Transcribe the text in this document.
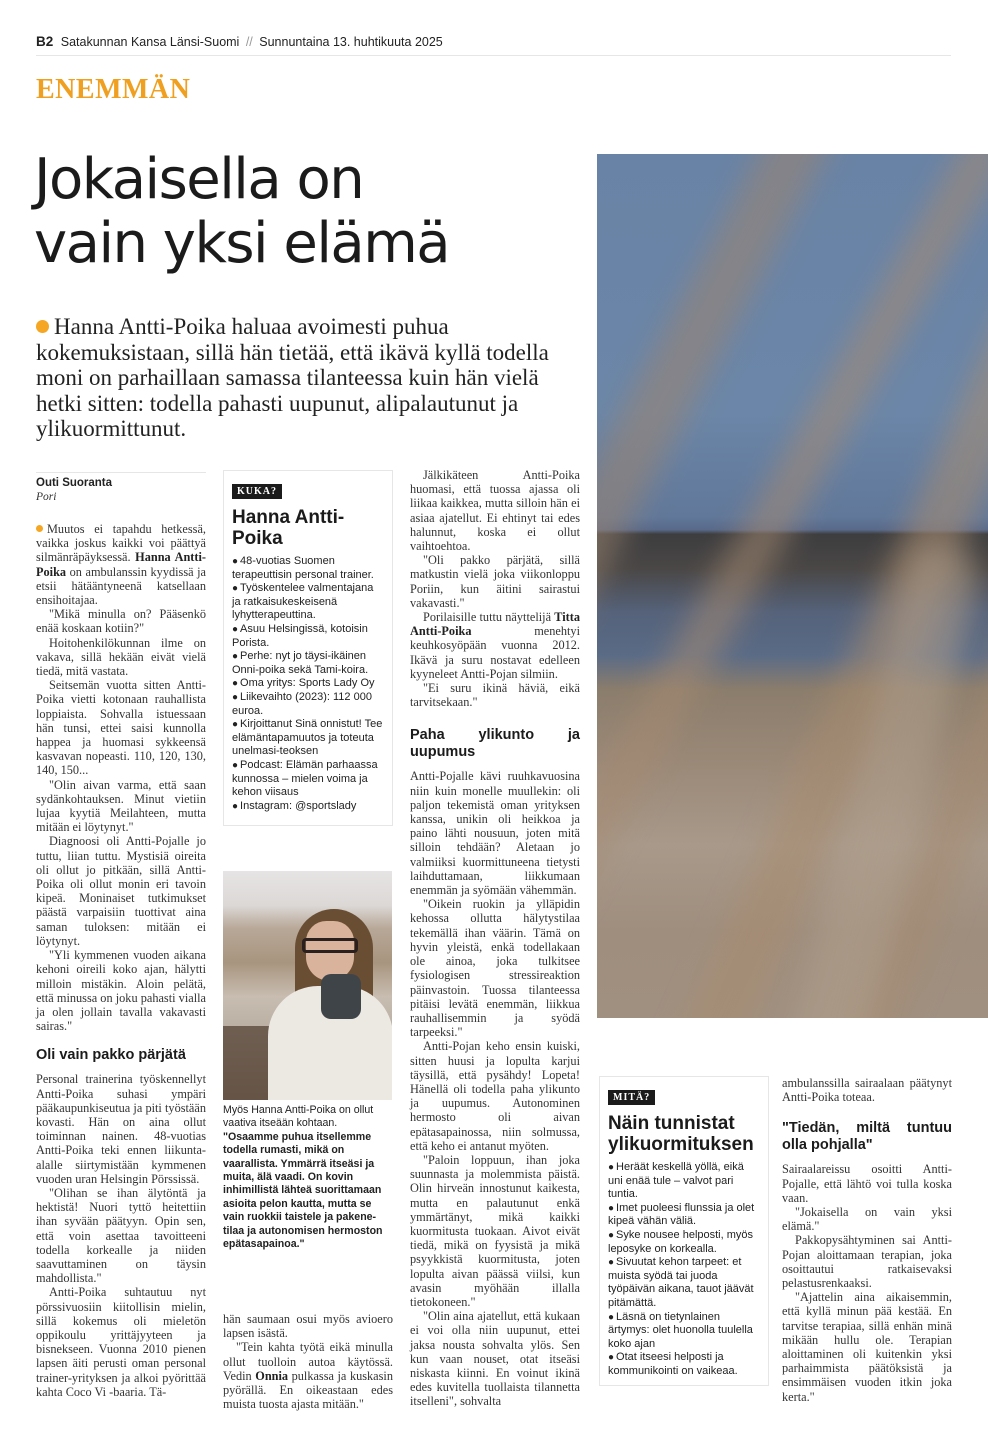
B2 Satakunnan Kansa Länsi-Suomi // Sunnuntaina 13. huhtikuuta 2025
ENEMMÄN
Jokaisella on
vain yksi elämä
Hanna Antti-Poika haluaa avoimesti puhua kokemuksistaan, sillä hän tietää, että ikävä kyllä todella moni on parhaillaan samassa tilanteessa kuin hän vielä hetki sitten: todella pahasti uupunut, alipalautunut ja ylikuormittunut.
Outi Suoranta
Pori

Muutos ei tapahdu hetkessä, vaikka joskus kaikki voi päättyä silmänräpäyksessä. Hanna Antti-Poika on ambulanssin kyydissä ja etsii hätääntyneenä katsellaan ensihoitajaa.

"Mikä minulla on? Pääsenkö enää koskaan kotiin?"

Hoitohenkilökunnan ilme on vakava, sillä hekään eivät vielä tiedä, mitä vastata.

Seitsemän vuotta sitten Antti-Poika vietti kotonaan rauhallista loppiaista. Sohvalla istuessaan hän tunsi, ettei saisi kunnolla happea ja huomasi sykkeensä kasvavan nopeasti. 110, 120, 130, 140, 150...

"Olin aivan varma, että saan sydänkohtauksen. Minut vietiin lujaa kyytiä Meilahteen, mutta mitään ei löytynyt."

Diagnoosi oli Antti-Pojalle jo tuttu, liian tuttu. Mystisiä oireita oli ollut jo pitkään, sillä Antti-Poika oli ollut monin eri tavoin kipeä. Moninaiset tutkimukset päästä varpaisiin tuottivat aina saman tuloksen: mitään ei löytynyt.

"Yli kymmenen vuoden aikana kehoni oireili koko ajan, hälytti milloin mistäkin. Aloin pelätä, että minussa on joku pahasti vialla ja olen jollain tavalla vakavasti sairas."

Oli vain pakko pärjätä

Personal trainerina työskennellyt Antti-Poika suhasi ympäri pääkaupunkiseutua ja piti työstään kovasti. Hän on aina ollut toiminnan nainen. 48-vuotias Antti-Poika teki ennen liikunta-alalle siirtymistään kymmenen vuoden uran Helsingin Pörssissä.

"Olihan se ihan älytöntä ja hektistä! Nuori tyttö heitettiin ihan syvään päätyyn. Opin sen, että voin asettaa tavoitteeni todella korkealle ja niiden saavuttaminen on täysin mahdollista."

Antti-Poika suhtautuu nyt pörssivuosiin kiitollisin mielin, sillä kokemus oli mieletön oppikoulu yrittäjyyteen ja bisnekseen. Vuonna 2010 pienen lapsen äiti perusti oman personal trainer-yrityksen ja alkoi pyörittää kahta Coco Vi -baaria. Tä-

KUKA?
Hanna Antti-Poika
● 48-vuotias Suomen terapeuttisin personal trainer.
● Työskentelee valmentajana ja ratkaisukeskeisenä lyhytterapeuttina.
● Asuu Helsingissä, kotoisin Porista.
● Perhe: nyt jo täysi-ikäinen Onni-poika sekä Tami-koira.
● Oma yritys: Sports Lady Oy
● Liikevaihto (2023): 112 000 euroa.
● Kirjoittanut Sinä onnistut! Tee elämäntapamuutos ja toteuta unelmasi-teoksen
● Podcast: Elämän parhaassa kunnossa – mielen voima ja kehon viisaus
● Instagram: @sportslady
Myös Hanna Antti-Poika on ollut vaativa itseään kohtaan. "Osaamme puhua itsellemme todella rumasti, mikä on vaarallista. Ymmärrä itseäsi ja muita, älä vaadi. On kovin inhimillistä lähteä suorittamaan asioita pelon kautta, mutta se vain ruokkii taistele ja pakene-tilaa ja autonomisen hermoston epätasapainoa."

hän saumaan osui myös avioero lapsen isästä.

"Tein kahta työtä eikä minulla ollut tuolloin autoa käytössä. Vedin Onnia pulkassa ja kuskasin pyörällä. En oikeastaan edes muista tuosta ajasta mitään."

Jälkikäteen Antti-Poika huomasi, että tuossa ajassa oli liikaa kaikkea, mutta silloin hän ei asiaa ajatellut. Ei ehtinyt tai edes halunnut, koska ei ollut vaihtoehtoa.

"Oli pakko pärjätä, sillä matkustin vielä joka viikonloppu Poriin, kun äitini sairastui vakavasti."

Porilaisille tuttu näyttelijä Titta Antti-Poika menehtyi keuhkosyöpään vuonna 2012. Ikävä ja suru nostavat edelleen kyyneleet Antti-Pojan silmiin.

"Ei suru ikinä häviä, eikä tarvitsekaan."

Paha ylikunto ja uupumus

Antti-Pojalle kävi ruuhkavuosina niin kuin monelle muullekin: oli paljon tekemistä oman yrityksen kanssa, unikin oli heikkoa ja paino lähti nousuun, joten mitä silloin tehdään? Aletaan jo valmiiksi kuormittuneena tietysti laihduttamaan, liikkumaan enemmän ja syömään vähemmän.

"Oikein ruokin ja ylläpidin kehossa ollutta hälytystilaa tekemällä ihan väärin. Tämä on hyvin yleistä, enkä todellakaan ole ainoa, joka tulkitsee fysiologisen stressireaktion päinvastoin. Tuossa tilanteessa pitäisi levätä enemmän, liikkua rauhallisemmin ja syödä tarpeeksi."

Antti-Pojan keho ensin kuiski, sitten huusi ja lopulta karjui täysillä, että pysähdy! Lopeta! Hänellä oli todella paha ylikunto ja uupumus. Autonominen hermosto oli aivan epätasapainossa, niin solmussa, että keho ei antanut myöten.

"Paloin loppuun, ihan joka suunnasta ja molemmista päistä. Olin hirveän innostunut kaikesta, mutta en palautunut enkä ymmärtänyt, mikä kaikki kuormitusta tuokaan. Aivot eivät tiedä, mikä on fyysistä ja mikä psyykkistä kuormitusta, joten lopulta aivan päässä viilsi, kun avasin myöhään illalla tietokoneen."

"Olin aina ajatellut, että kukaan ei voi olla niin uupunut, ettei jaksa nousta sohvalta ylös. Sen kun vaan nouset, otat itseäsi niskasta kiinni. En voinut ikinä edes kuvitella tuollaista tilannetta itselleni", sohvalta

MITÄ?
Näin tunnistat ylikuormituksen
● Heräät keskellä yöllä, eikä uni enää tule – valvot pari tuntia.
● Imet puoleesi flunssia ja olet kipeä vähän väliä.
● Syke nousee helposti, myös leposyke on korkealla.
● Sivuutat kehon tarpeet: et muista syödä tai juoda työpäivän aikana, tauot jäävät pitämättä.
● Läsnä on tietynlainen ärtymys: olet huonolla tuulella koko ajan
● Otat itseesi helposti ja kommunikointi on vaikeaa.

ambulanssilla sairaalaan päätynyt Antti-Poika toteaa.

"Tiedän, miltä tuntuu olla pohjalla"

Sairaalareissu osoitti Antti-Pojalle, että lähtö voi tulla koska vaan.

"Jokaisella on vain yksi elämä."

Pakkopysähtyminen sai Antti-Pojan aloittamaan terapian, joka osoittautui ratkaisevaksi pelastusrenkaaksi.

"Ajattelin aina aikaisemmin, että kyllä minun pää kestää. En tarvitse terapiaa, sillä enhän minä mikään hullu ole. Terapian aloittaminen oli kuitenkin yksi parhaimmista päätöksistä ja ensimmäisen vuoden itkin joka kerta."
